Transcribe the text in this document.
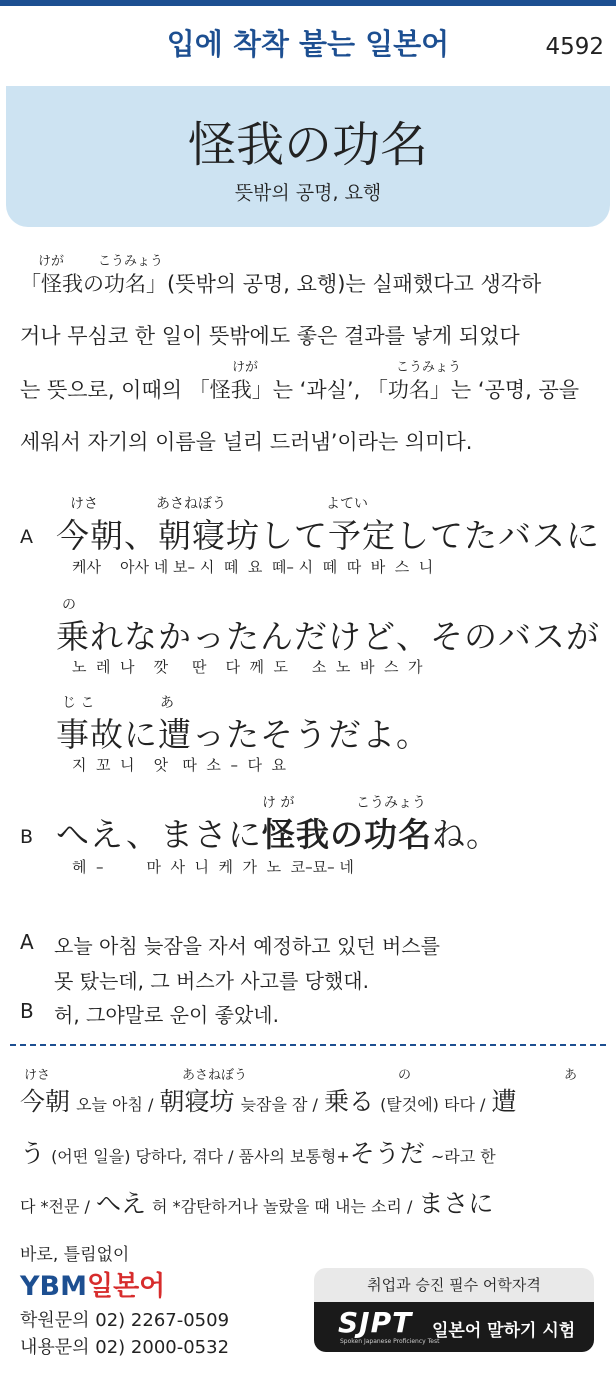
입에 착착 붙는 일본어	4592
怪我の功名
뜻밖의 공명, 요행
けが	こうみょう
「怪我の功名」(뜻밖의 공명, 요행)는 실패했다고 생각하
거나 무심코 한 일이 뜻밖에도 좋은 결과를 낳게 되었다
けが	こうみょう
는 뜻으로, 이때의 「怪我」는 ‘과실’, 「功名」는 ‘공명, 공을
세워서 자기의 이름을 널리 드러냄’이라는 의미다.
A
けさ	あさねぼう	よてい
今朝、朝寝坊して予定してたバスに
케사    아사 네 보– 시  떼  요  떼– 시  떼  따  바  스  니
の
乗れなかったんだけど、そのバスが
노  레  나    깟     딴    다  께  도     소  노  바  스  가
じ こ	あ
事故に遭ったそうだよ。
지  꼬  니    앗   따  소  –  다  요
B
け が	こうみょう
へえ、まさに怪我の功名ね。
헤  –         마  사  니  케  가  노  코–묘– 네
A 오늘 아침 늦잠을 자서 예정하고 있던 버스를
못 탔는데, 그 버스가 사고를 당했대.
B 허, 그야말로 운이 좋았네.
けさ	あさねぼう	の	あ
今朝 오늘 아침 / 朝寝坊 늦잠을 잠 / 乗る (탈것에) 타다 / 遭
う (어떤 일을) 당하다, 겪다 / 품사의 보통형+そうだ ~라고 한
다 *전문 / へえ 허 *감탄하거나 놀랐을 때 내는 소리 / まさに
바로, 틀림없이
YBM일본어
학원문의 02) 2267-0509
내용문의 02) 2000-0532
취업과 승진 필수 어학자격
SJPT
Spoken Japanese Proficiency Test
일본어 말하기 시험
